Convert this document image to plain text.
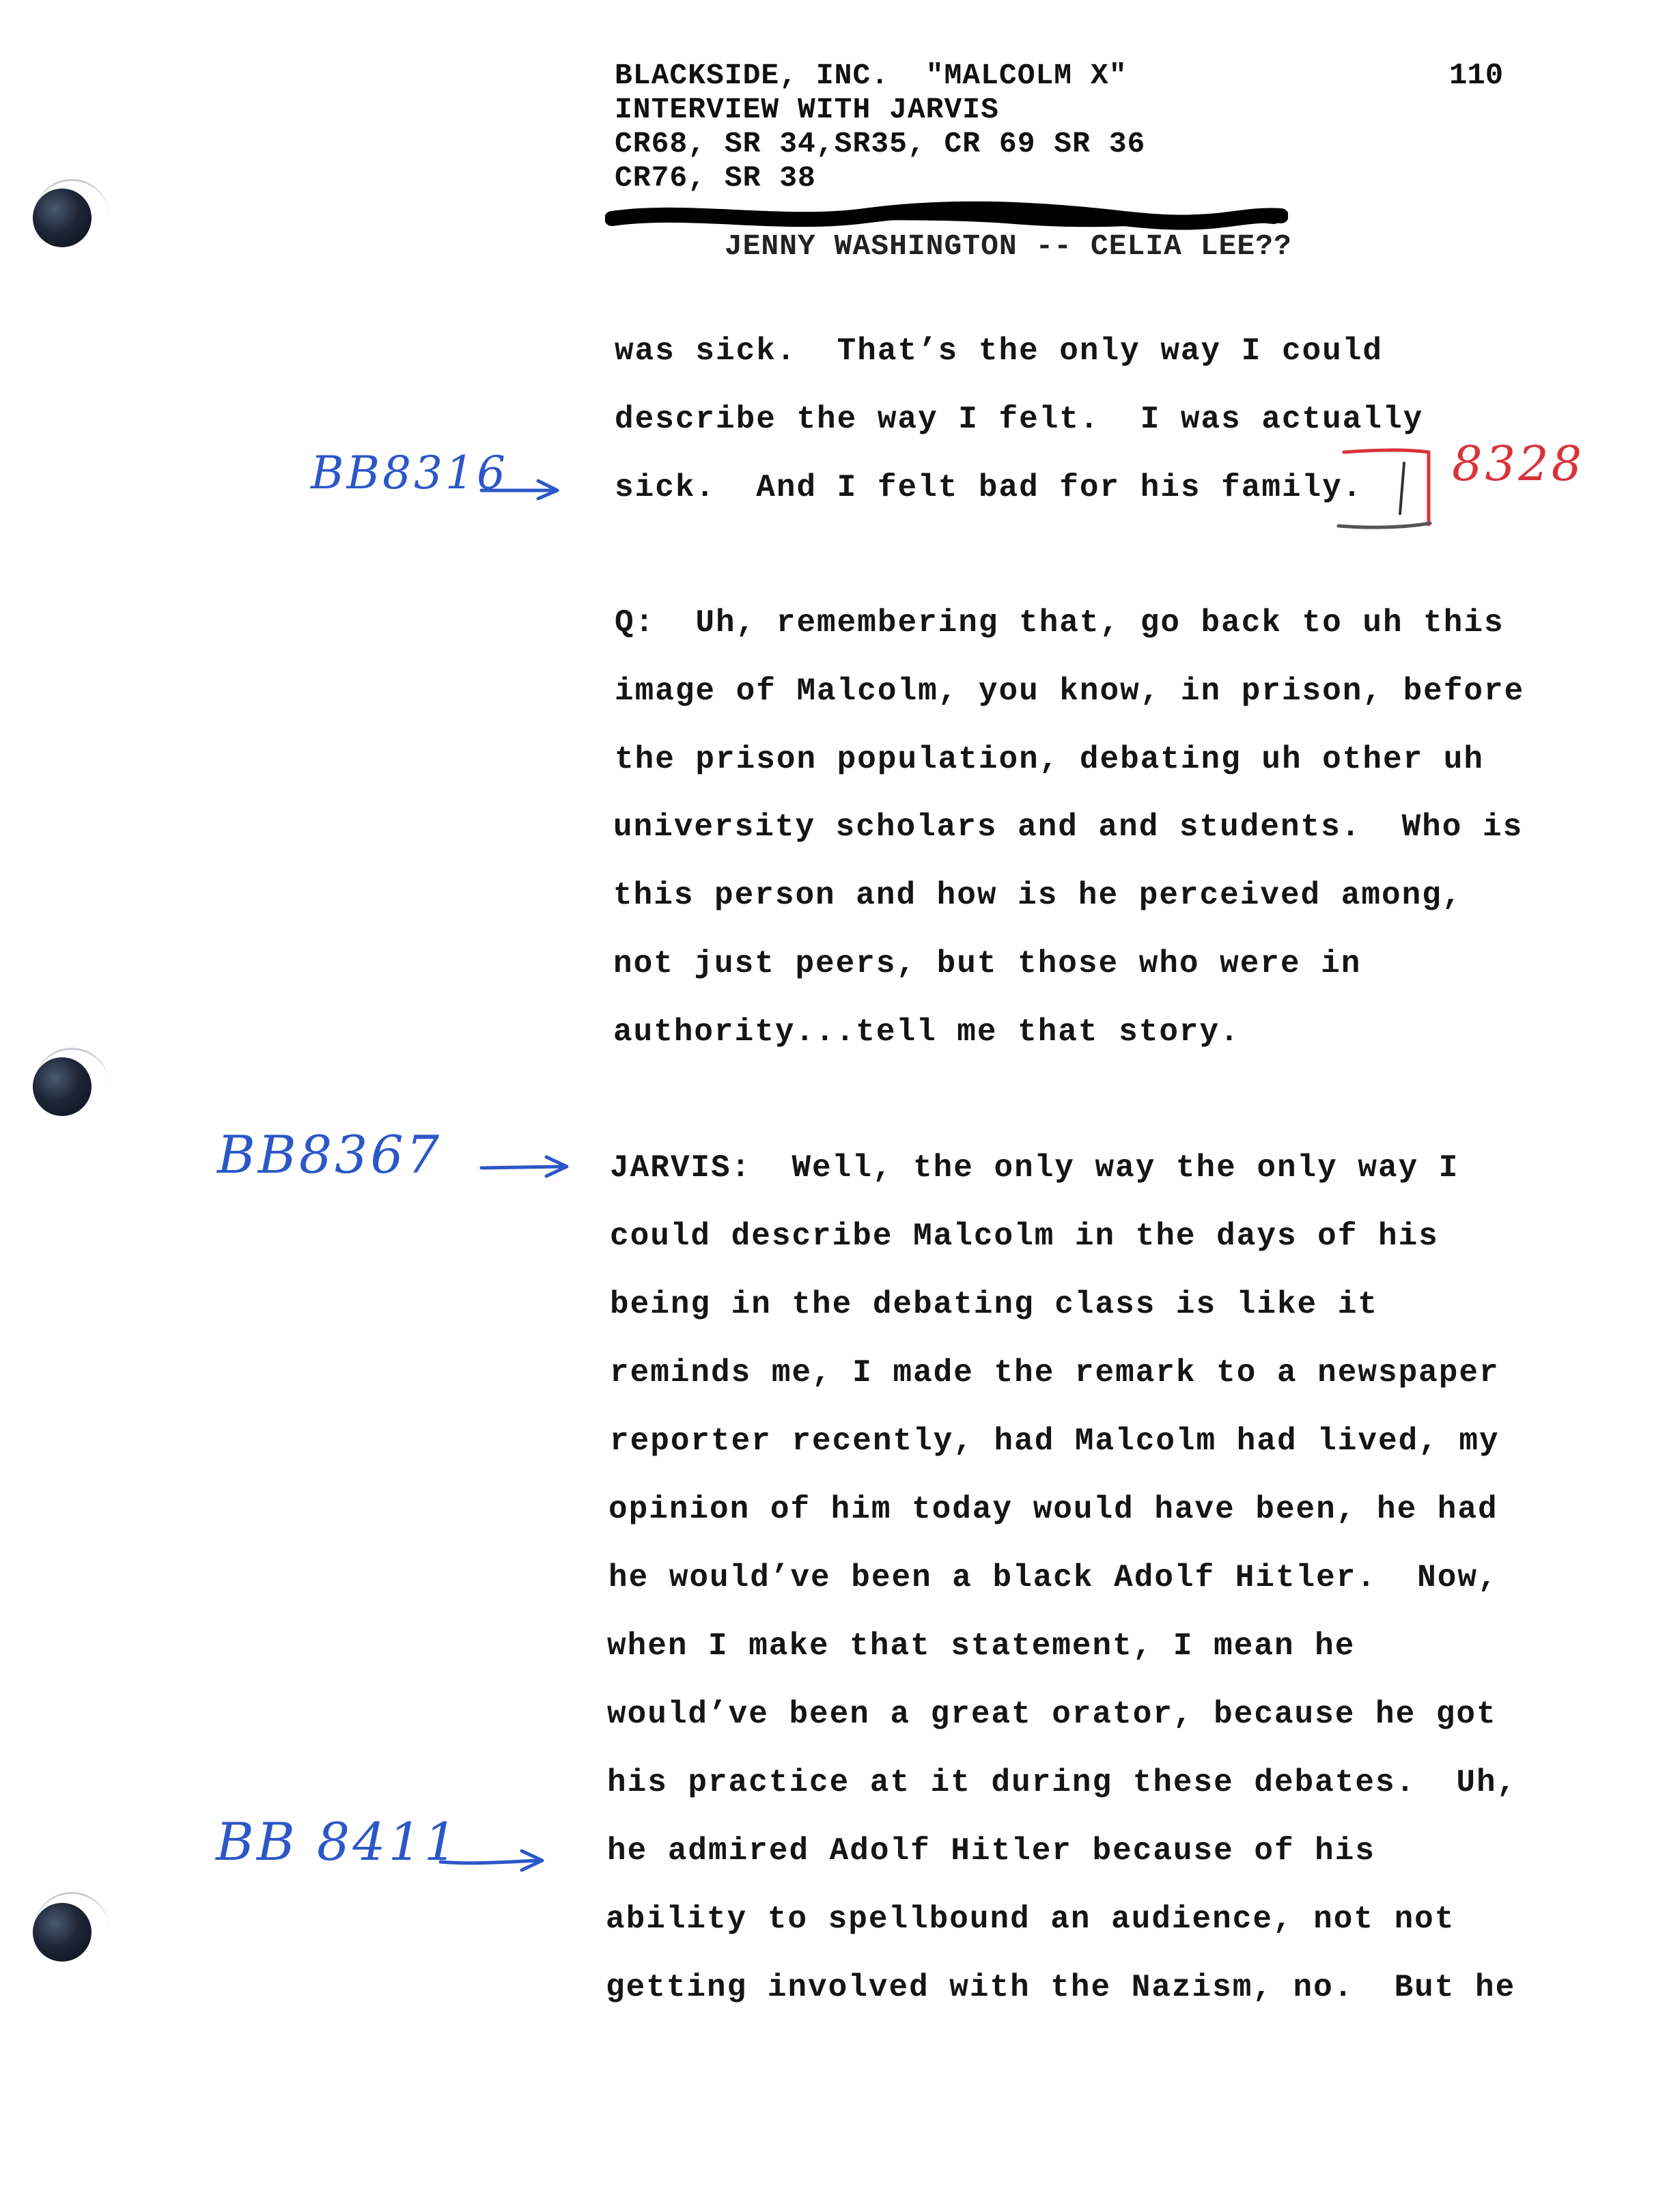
BLACKSIDE, INC.  "MALCOLM X"
INTERVIEW WITH JARVIS
CR68, SR 34,SR35, CR 69 SR 36
CR76, SR 38

JENNY WASHINGTON -- CELIA LEE??

110
was sick.  That’s the only way I could
describe the way I felt.  I was actually
sick.  And I felt bad for his family.
Q:  Uh, remembering that, go back to uh this
image of Malcolm, you know, in prison, before
the prison population, debating uh other uh
university scholars and and students.  Who is
this person and how is he perceived among,
not just peers, but those who were in
authority...tell me that story.
JARVIS:  Well, the only way the only way I
could describe Malcolm in the days of his
being in the debating class is like it
reminds me, I made the remark to a newspaper
reporter recently, had Malcolm had lived, my
opinion of him today would have been, he had
he would’ve been a black Adolf Hitler.  Now,
when I make that statement, I mean he
would’ve been a great orator, because he got
his practice at it during these debates.  Uh,
he admired Adolf Hitler because of his
ability to spellbound an audience, not not
getting involved with the Nazism, no.  But he
BB8316	8328
BB8367
BB 8411
